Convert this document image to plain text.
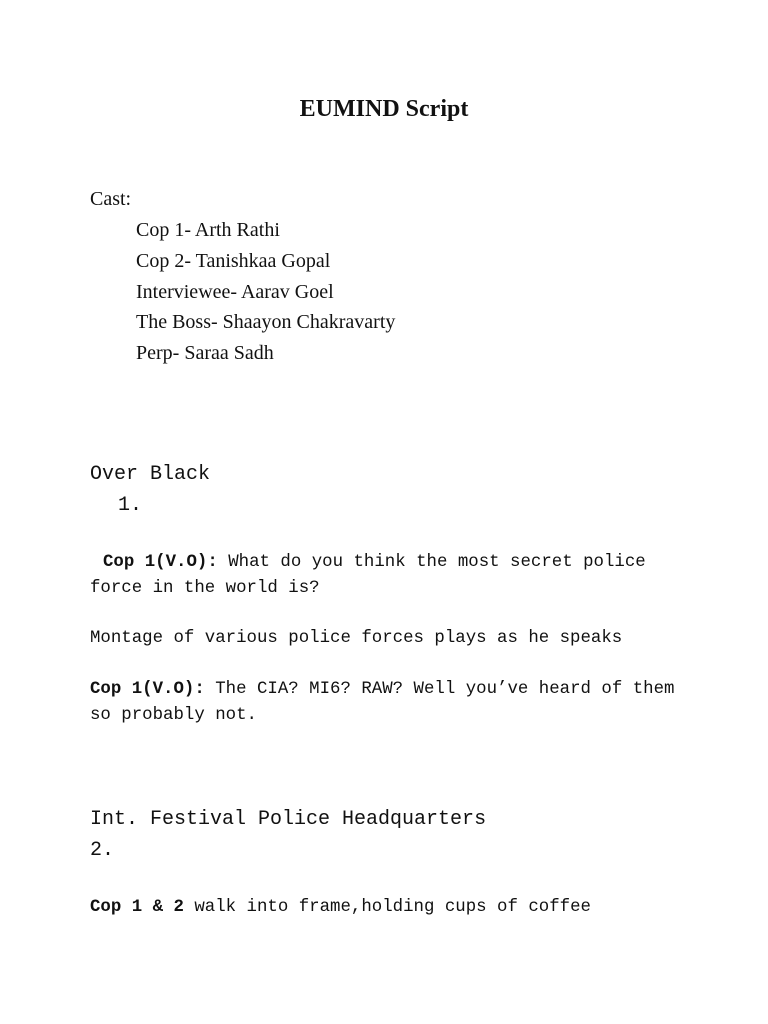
EUMIND Script
Cast:
Cop 1- Arth Rathi
Cop 2- Tanishkaa Gopal
Interviewee- Aarav Goel
The Boss- Shaayon Chakravarty
Perp- Saraa Sadh
Over Black
1.

Cop 1(V.O): What do you think the most secret police force in the world is?

Montage of various police forces plays as he speaks

Cop 1(V.O): The CIA? MI6? RAW? Well you’ve heard of them so probably not.

Int. Festival Police Headquarters
2.

Cop 1 & 2 walk into frame,holding cups of coffee
